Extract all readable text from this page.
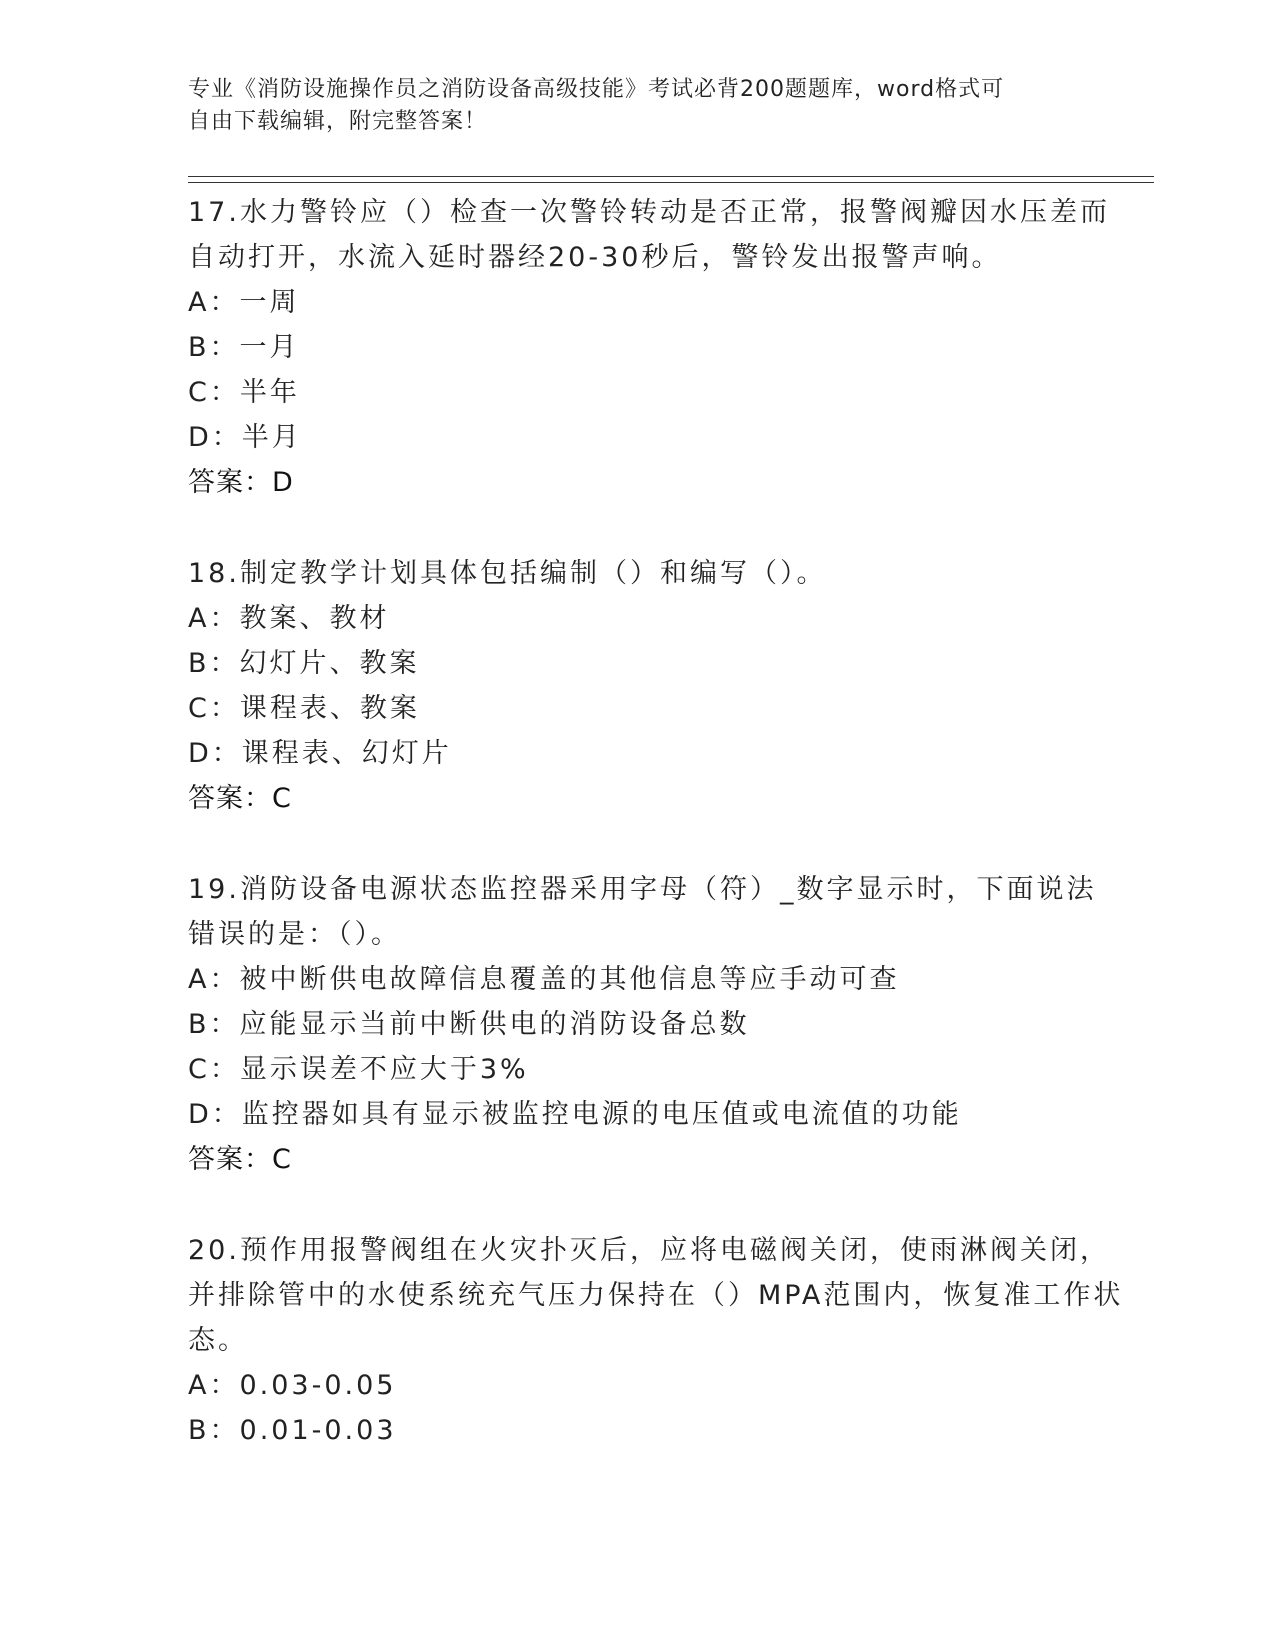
专业《消防设施操作员之消防设备高级技能》考试必背200题题库，word格式可
自由下载编辑，附完整答案！
17.水力警铃应（）检查一次警铃转动是否正常，报警阀瓣因水压差而
自动打开，水流入延时器经20-30秒后，警铃发出报警声响。
A：一周
B：一月
C：半年
D：半月
答案：D
18.制定教学计划具体包括编制（）和编写（）。
A：教案、教材
B：幻灯片、教案
C：课程表、教案
D：课程表、幻灯片
答案：C
19.消防设备电源状态监控器采用字母（符）_数字显示时，下面说法
错误的是：（）。
A：被中断供电故障信息覆盖的其他信息等应手动可查
B：应能显示当前中断供电的消防设备总数
C：显示误差不应大于3%
D：监控器如具有显示被监控电源的电压值或电流值的功能
答案：C
20.预作用报警阀组在火灾扑灭后，应将电磁阀关闭，使雨淋阀关闭，
并排除管中的水使系统充气压力保持在（）MPA范围内，恢复准工作状
态。
A：0.03-0.05
B：0.01-0.03
